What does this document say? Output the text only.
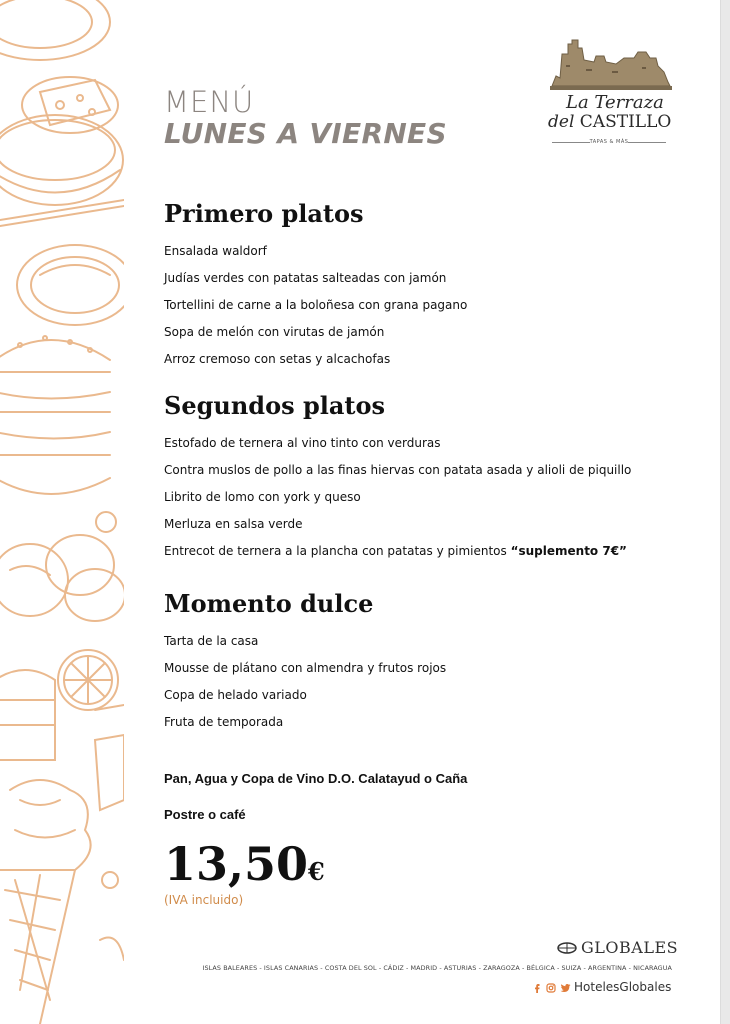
MENÚ
LUNES A VIERNES
La Terraza
del CASTILLO
TAPAS & MÁS
Primero platos
Ensalada waldorf
Judías verdes con patatas salteadas con jamón
Tortellini de carne a la boloñesa con grana pagano
Sopa de melón con virutas de jamón
Arroz cremoso con setas y alcachofas
Segundos platos
Estofado de ternera al vino tinto con verduras
Contra muslos de pollo a las finas hiervas con patata asada y alioli de piquillo
Librito de lomo con york y queso
Merluza en salsa verde
Entrecot de ternera a la plancha con patatas y pimientos “suplemento 7€”
Momento dulce
Tarta de la casa
Mousse de plátano con almendra y frutos rojos
Copa de helado variado
Fruta de temporada
Pan, Agua y Copa de Vino D.O. Calatayud o Caña
Postre o café
13,50€
(IVA incluido)
GLOBALES
ISLAS BALEARES - ISLAS CANARIAS - COSTA DEL SOL - CÁDIZ - MADRID - ASTURIAS - ZARAGOZA - BÉLGICA - SUIZA - ARGENTINA - NICARAGUA
HotelesGlobales
